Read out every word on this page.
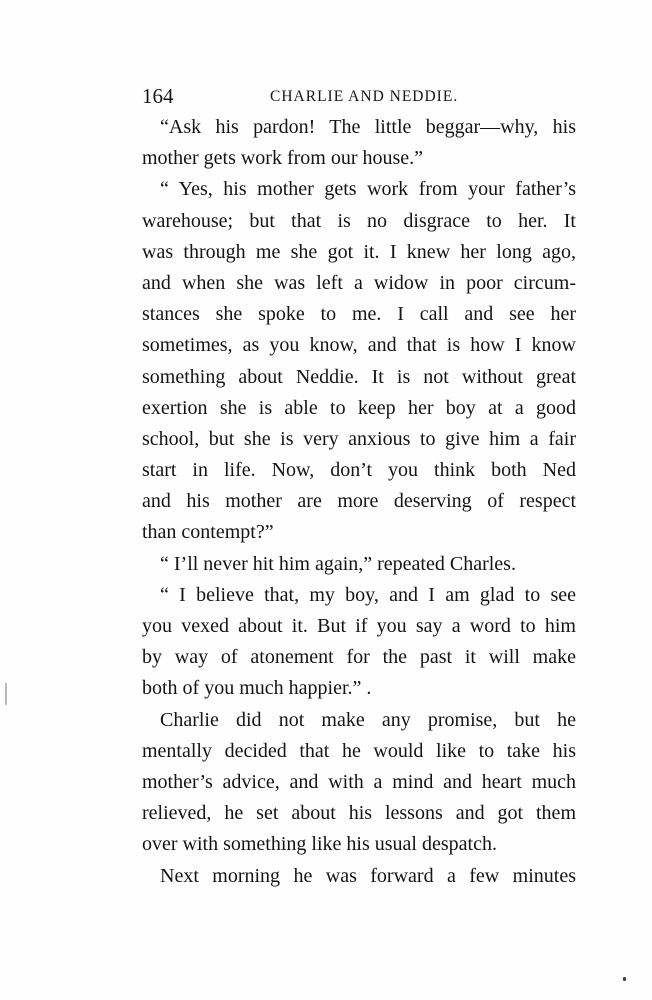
164	CHARLIE AND NEDDIE.
“Ask his pardon! The little beggar—why, his
mother gets work from our house.”
“ Yes, his mother gets work from your father’s
warehouse; but that is no disgrace to her. It
was through me she got it. I knew her long ago,
and when she was left a widow in poor circum-
stances she spoke to me. I call and see her
sometimes, as you know, and that is how I know
something about Neddie. It is not without great
exertion she is able to keep her boy at a good
school, but she is very anxious to give him a fair
start in life. Now, don’t you think both Ned
and his mother are more deserving of respect
than contempt?”
“ I’ll never hit him again,” repeated Charles.
“ I believe that, my boy, and I am glad to see
you vexed about it. But if you say a word to him
by way of atonement for the past it will make
both of you much happier.” .
Charlie did not make any promise, but he
mentally decided that he would like to take his
mother’s advice, and with a mind and heart much
relieved, he set about his lessons and got them
over with something like his usual despatch.
Next morning he was forward a few minutes
